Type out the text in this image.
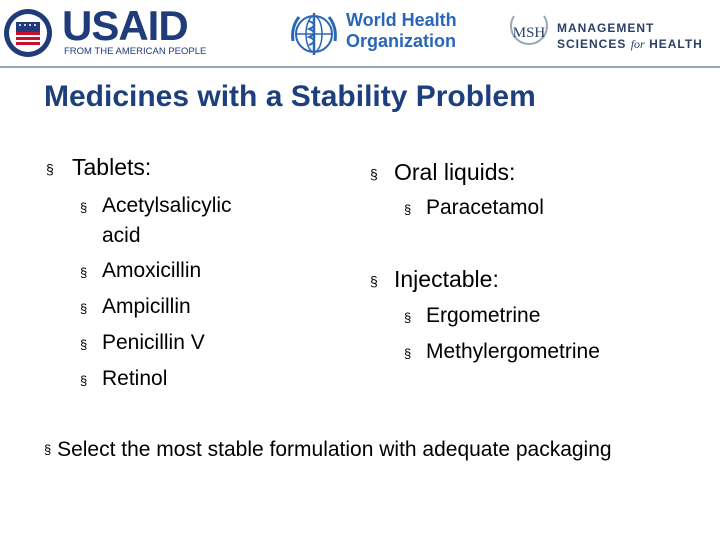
USAID
FROM THE AMERICAN PEOPLE
World Health
Organization	MSH MANAGEMENT
SCIENCES for HEALTH
Medicines with a Stability Problem
§ Tablets:
§ Acetylsalicylic
acid
§ Amoxicillin
§ Ampicillin
§ Penicillin V
§ Retinol
§ Oral liquids:
§ Paracetamol
§ Injectable:
§ Ergometrine
§ Methylergometrine
§ Select the most stable formulation with adequate packaging
